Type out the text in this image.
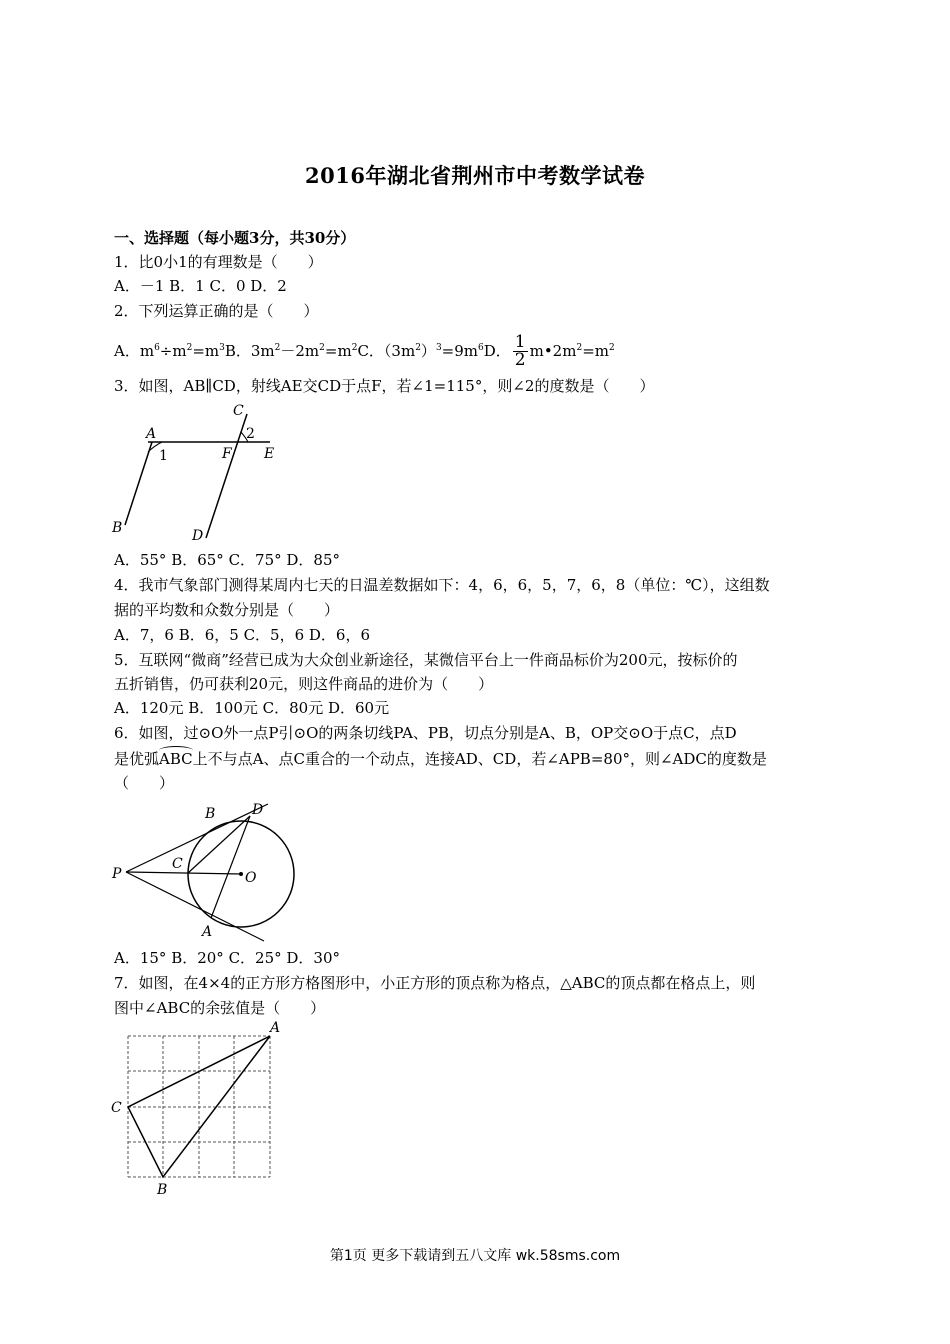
2016年湖北省荆州市中考数学试卷
一、选择题（每小题3分，共30分）
1．比0小1的有理数是（　　）
A．－1 B．1 C．0 D．2
2．下列运算正确的是（　　）
A．$m^6\div m^2=m^3B$．$3m^2-2m^2=m^2C$．$(3m^2)^3=9m^6D$． $\frac{1}{2}$ $m•2m^2=m^2$
3．如图，AB∥CD，射线AE交CD于点F，若∠1=115°，则∠2的度数是（　　）
A
1
C
2
F E
B	D
A．55° B．65° C．75° D．85°
4．我市气象部门测得某周内七天的日温差数据如下：4，6，6，5，7，6，8（单位：℃），这组数
据的平均数和众数分别是（　　）
A．7，6 B．6，5 C．5，6 D．6，6
5．互联网“微商”经营已成为大众创业新途径，某微信平台上一件商品标价为200元，按标价的
五折销售，仍可获利20元，则这件商品的进价为（　　）
A．120元 B．100元 C．80元 D．60元
6．如图，过⊙O外一点P引⊙O的两条切线PA、PB，切点分别是A、B，OP交⊙O于点C，点D
是优弧ABC上不与点A、点C重合的一个动点，连接AD、CD，若∠APB=80°，则∠ADC的度数是
（　　）
P
B
C
D
O
A
A．15° B．20° C．25° D．30°
7．如图，在4×4的正方形方格图形中，小正方形的顶点称为格点，△ABC的顶点都在格点上，则
图中∠ABC的余弦值是（　　）
A
C
B
第1页 更多下载请到五八文库 wk.58sms.com
